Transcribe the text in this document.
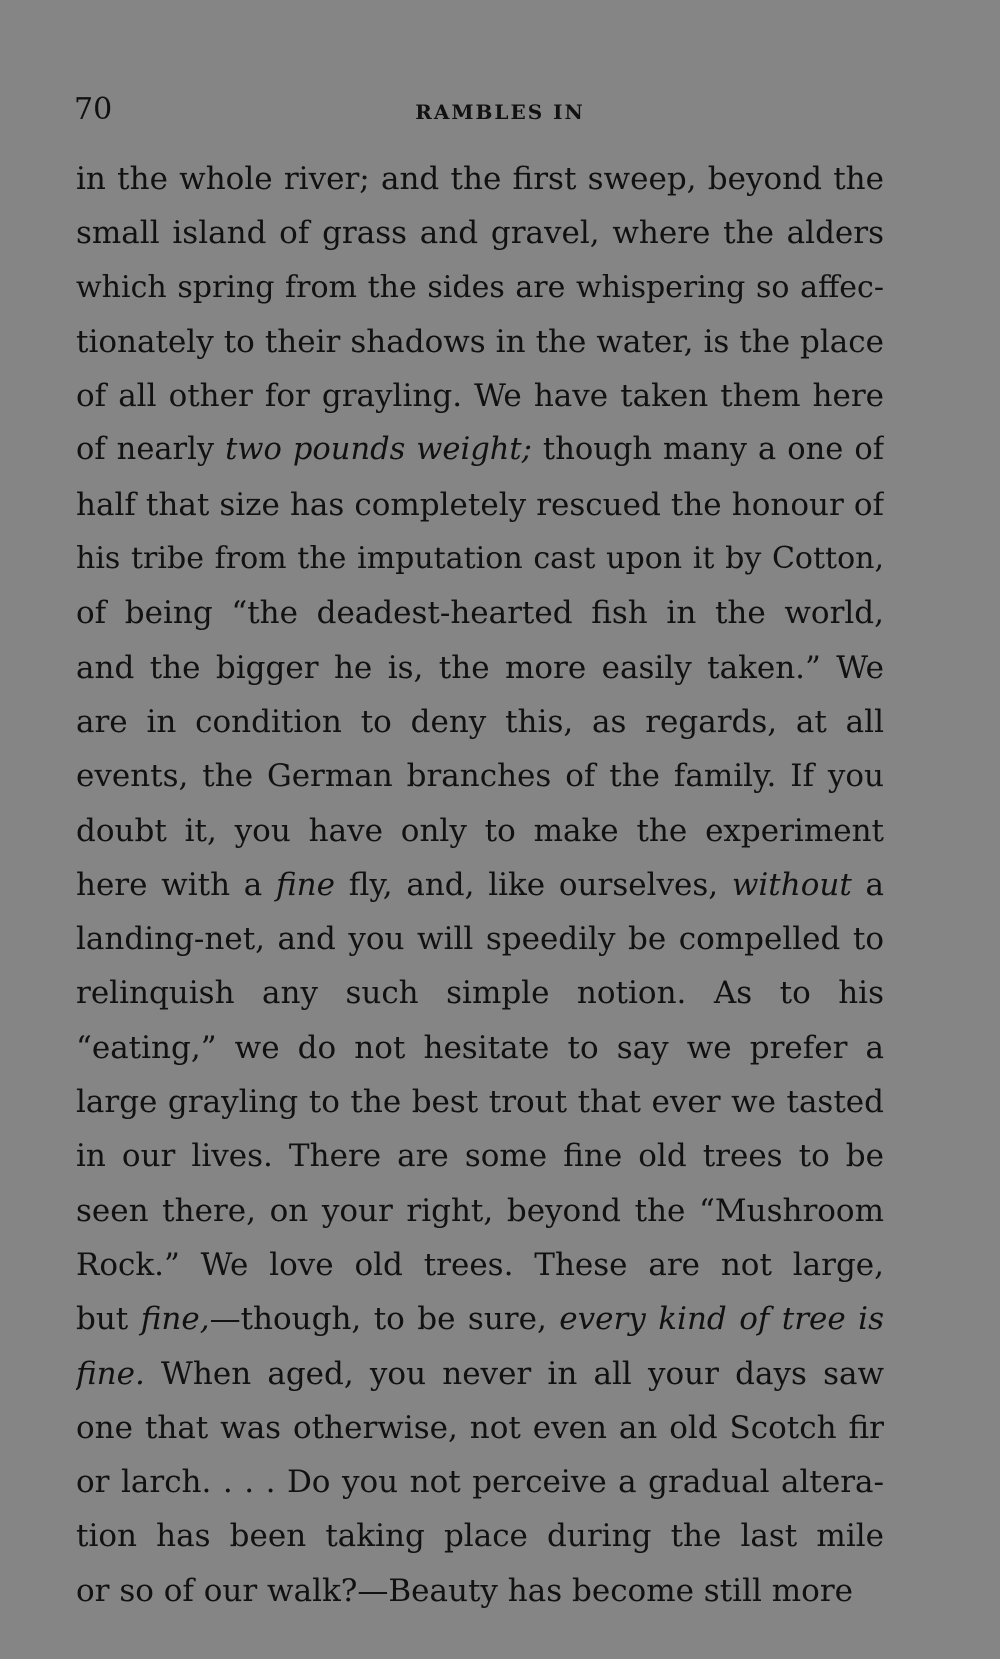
70	RAMBLES IN
in the whole river; and the first sweep, beyond the
small island of grass and gravel, where the alders
which spring from the sides are whispering so affec-
tionately to their shadows in the water, is the place
of all other for grayling. We have taken them here
of nearly two pounds weight; though many a one of
half that size has completely rescued the honour of
his tribe from the imputation cast upon it by Cotton,
of being “the deadest-hearted fish in the world,
and the bigger he is, the more easily taken.” We
are in condition to deny this, as regards, at all
events, the German branches of the family. If you
doubt it, you have only to make the experiment
here with a fine fly, and, like ourselves, without a
landing-net, and you will speedily be compelled to
relinquish any such simple notion. As to his
“eating,” we do not hesitate to say we prefer a
large grayling to the best trout that ever we tasted
in our lives. There are some fine old trees to be
seen there, on your right, beyond the “Mushroom
Rock.” We love old trees. These are not large,
but fine,—though, to be sure, every kind of tree is
fine. When aged, you never in all your days saw
one that was otherwise, not even an old Scotch fir
or larch. . . . Do you not perceive a gradual altera-
tion has been taking place during the last mile
or so of our walk?—Beauty has become still more
